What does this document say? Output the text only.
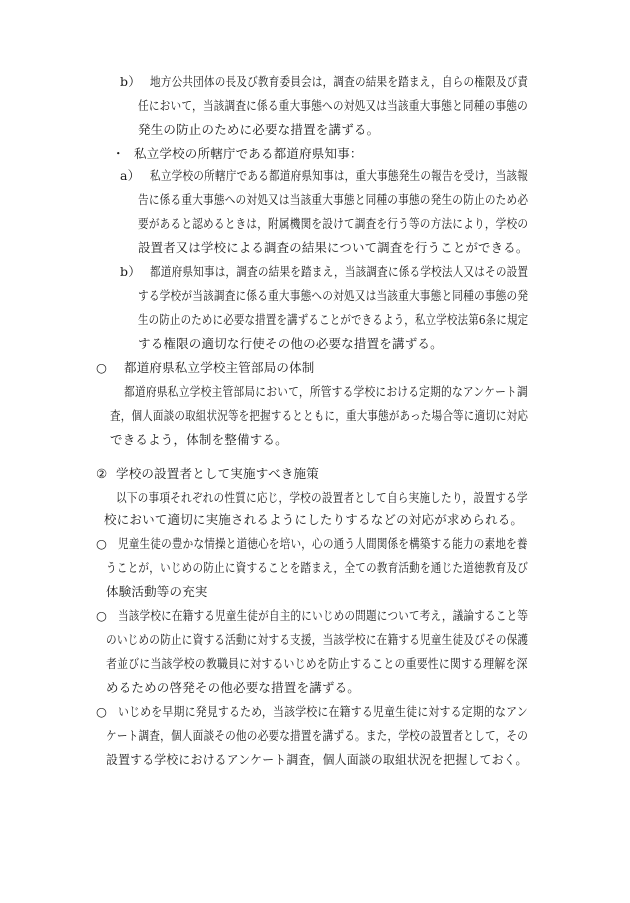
b） 地方公共団体の長及び教育委員会は，調査の結果を踏まえ，自らの権限及び責
任において，当該調査に係る重大事態への対処又は当該重大事態と同種の事態の
発生の防止のために必要な措置を講ずる。
・ 私立学校の所轄庁である都道府県知事：
a） 私立学校の所轄庁である都道府県知事は，重大事態発生の報告を受け，当該報
告に係る重大事態への対処又は当該重大事態と同種の事態の発生の防止のため必
要があると認めるときは，附属機関を設けて調査を行う等の方法により，学校の
設置者又は学校による調査の結果について調査を行うことができる。
b） 都道府県知事は，調査の結果を踏まえ，当該調査に係る学校法人又はその設置
する学校が当該調査に係る重大事態への対処又は当該重大事態と同種の事態の発
生の防止のために必要な措置を講ずることができるよう，私立学校法第6条に規定
する権限の適切な行使その他の必要な措置を講ずる。
○ 都道府県私立学校主管部局の体制
都道府県私立学校主管部局において，所管する学校における定期的なアンケート調
査，個人面談の取組状況等を把握するとともに，重大事態があった場合等に適切に対応
できるよう，体制を整備する。
② 学校の設置者として実施すべき施策
以下の事項それぞれの性質に応じ，学校の設置者として自ら実施したり，設置する学
校において適切に実施されるようにしたりするなどの対応が求められる。
○ 児童生徒の豊かな情操と道徳心を培い，心の通う人間関係を構築する能力の素地を養
うことが，いじめの防止に資することを踏まえ，全ての教育活動を通じた道徳教育及び
体験活動等の充実
○ 当該学校に在籍する児童生徒が自主的にいじめの問題について考え，議論すること等
のいじめの防止に資する活動に対する支援，当該学校に在籍する児童生徒及びその保護
者並びに当該学校の教職員に対するいじめを防止することの重要性に関する理解を深
めるための啓発その他必要な措置を講ずる。
○ いじめを早期に発見するため，当該学校に在籍する児童生徒に対する定期的なアン
ケート調査，個人面談その他の必要な措置を講ずる。また，学校の設置者として，その
設置する学校におけるアンケート調査，個人面談の取組状況を把握しておく。
